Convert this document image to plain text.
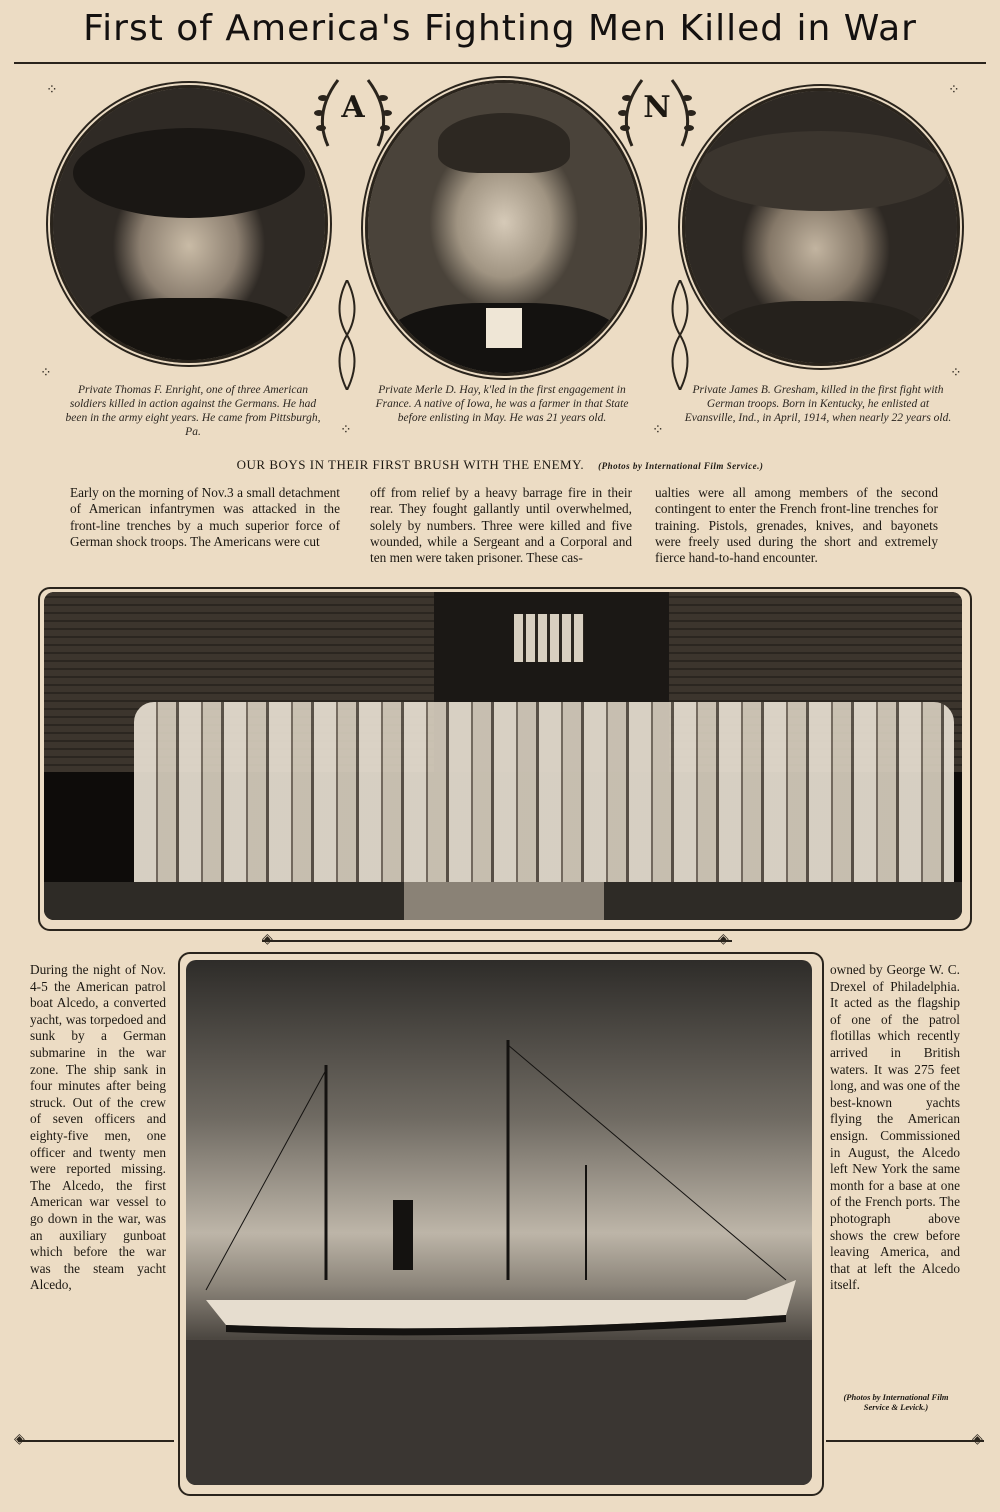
First of America's Fighting Men Killed in War
⁘	⁘
⁘	⁘
⁘	⁘
A	N
Private Thomas F. Enright, one of three American soldiers killed in action against the Germans. He had been in the army eight years. He came from Pittsburgh, Pa.
Private Merle D. Hay, k'led in the first engagement in France. A native of Iowa, he was a farmer in that State before enlisting in May. He was 21 years old.
Private James B. Gresham, killed in the first fight with German troops. Born in Kentucky, he enlisted at Evansville, Ind., in April, 1914, when nearly 22 years old.
OUR BOYS IN THEIR FIRST BRUSH WITH THE ENEMY. (Photos by International Film Service.)
Early on the morning of Nov.3 a small detachment of American infantrymen was attacked in the front-line trenches by a much superior force of German shock troops. The Americans were cut
off from relief by a heavy barrage fire in their rear. They fought gallantly until overwhelmed, solely by numbers. Three were killed and five wounded, while a Sergeant and a Corporal and ten men were taken prisoner. These cas-
ualties were all among members of the second contingent to enter the French front-line trenches for training. Pistols, grenades, knives, and bayonets were freely used during the short and extremely fierce hand-to-hand encounter.
◈	◈
During the night of Nov. 4-5 the American patrol boat Alcedo, a converted yacht, was torpedoed and sunk by a German submarine in the war zone. The ship sank in four minutes after being struck. Out of the crew of seven officers and eighty-five men, one officer and twenty men were reported missing. The Alcedo, the first American war vessel to go down in the war, was an auxiliary gunboat which before the war was the steam yacht Alcedo,
owned by George W. C. Drexel of Philadelphia. It acted as the flagship of one of the patrol flotillas which recently arrived in British waters. It was 275 feet long, and was one of the best-known yachts flying the American ensign. Commissioned in August, the Alcedo left New York the same month for a base at one of the French ports. The photograph above shows the crew before leaving America, and that at left the Alcedo itself.
(Photos by International Film Service & Levick.)
◈	◈
